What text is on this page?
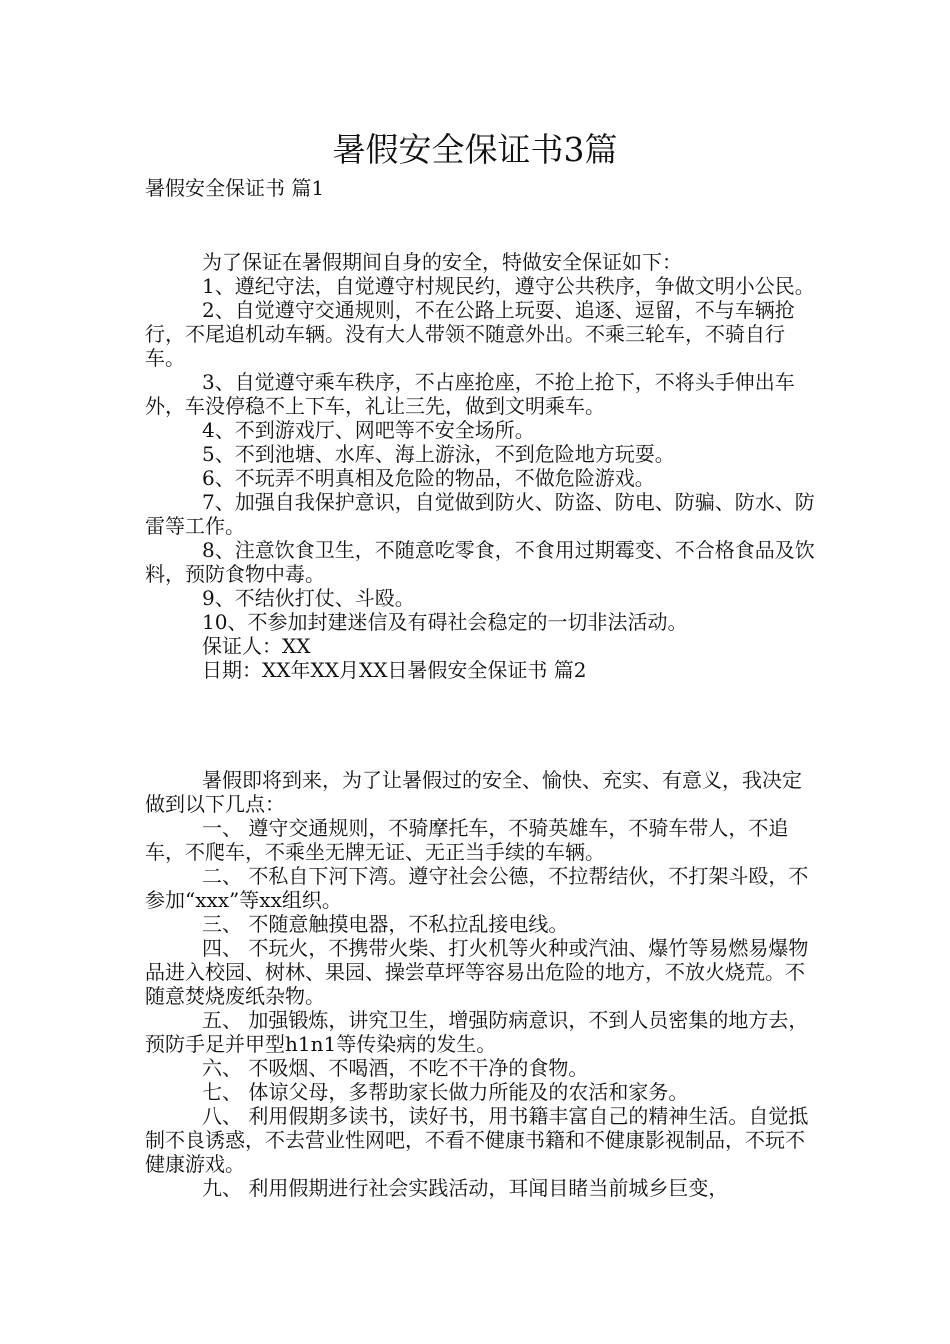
暑假安全保证书3篇
暑假安全保证书 篇1

为了保证在暑假期间自身的安全，特做安全保证如下：

1、遵纪守法，自觉遵守村规民约，遵守公共秩序，争做文明小公民。

2、自觉遵守交通规则，不在公路上玩耍、追逐、逗留，不与车辆抢行，不尾追机动车辆。没有大人带领不随意外出。不乘三轮车，不骑自行车。

3、自觉遵守乘车秩序，不占座抢座，不抢上抢下，不将头手伸出车外，车没停稳不上下车，礼让三先，做到文明乘车。

4、不到游戏厅、网吧等不安全场所。

5、不到池塘、水库、海上游泳，不到危险地方玩耍。

6、不玩弄不明真相及危险的物品，不做危险游戏。

7、加强自我保护意识，自觉做到防火、防盗、防电、防骗、防水、防雷等工作。

8、注意饮食卫生，不随意吃零食，不食用过期霉变、不合格食品及饮料，预防食物中毒。

9、不结伙打仗、斗殴。

10、不参加封建迷信及有碍社会稳定的一切非法活动。

保证人：XX

日期：XX年XX月XX日暑假安全保证书 篇2

暑假即将到来，为了让暑假过的安全、愉快、充实、有意义，我决定做到以下几点：

一、 遵守交通规则，不骑摩托车，不骑英雄车，不骑车带人，不追车，不爬车，不乘坐无牌无证、无正当手续的车辆。

二、 不私自下河下湾。遵守社会公德，不拉帮结伙，不打架斗殴，不参加“xxx”等xx组织。

三、 不随意触摸电器，不私拉乱接电线。

四、 不玩火，不携带火柴、打火机等火种或汽油、爆竹等易燃易爆物品进入校园、树林、果园、操尝草坪等容易出危险的地方，不放火烧荒。不随意焚烧废纸杂物。

五、 加强锻炼，讲究卫生，增强防病意识，不到人员密集的地方去，预防手足并甲型h1n1等传染病的发生。

六、 不吸烟、不喝酒，不吃不干净的食物。

七、 体谅父母，多帮助家长做力所能及的农活和家务。

八、 利用假期多读书，读好书，用书籍丰富自己的精神生活。自觉抵制不良诱惑，不去营业性网吧，不看不健康书籍和不健康影视制品，不玩不健康游戏。

九、 利用假期进行社会实践活动，耳闻目睹当前城乡巨变，
